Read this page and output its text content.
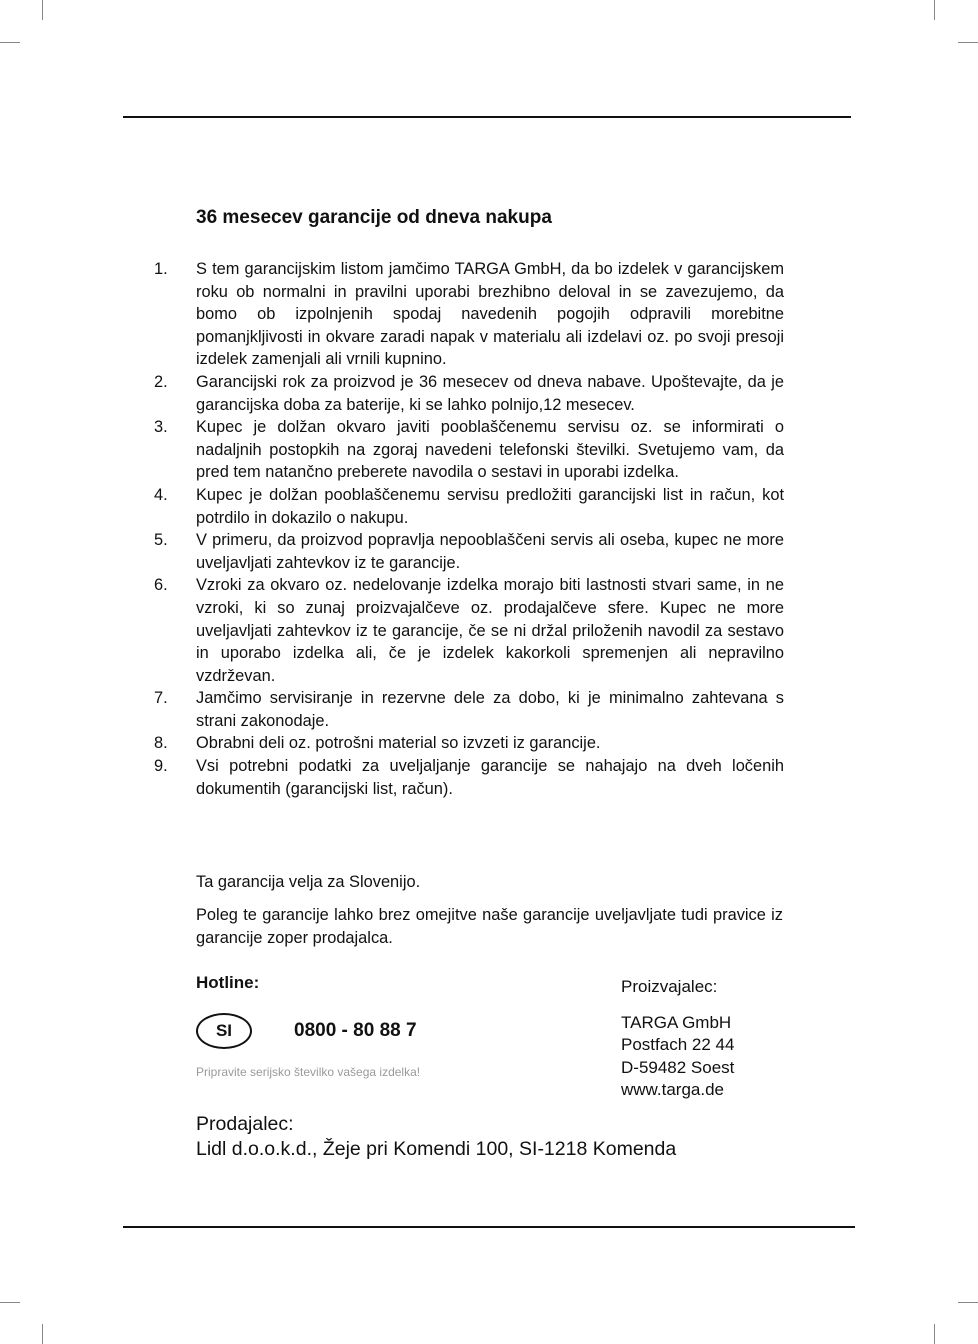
36 mesecev garancije od dneva nakupa
1. S tem garancijskim listom jamčimo TARGA GmbH, da bo izdelek v garancijskem roku ob normalni in pravilni uporabi brezhibno deloval in se zavezujemo, da bomo ob izpolnjenih spodaj navedenih pogojih odpravili morebitne pomanjkljivosti in okvare zaradi napak v materialu ali izdelavi oz. po svoji presoji izdelek zamenjali ali vrnili kupnino.
2. Garancijski rok za proizvod je 36 mesecev od dneva nabave. Upoštevajte, da je garancijska doba za baterije, ki se lahko polnijo,12 mesecev.
3. Kupec je dolžan okvaro javiti pooblaščenemu servisu oz. se informirati o nadaljnih postopkih na zgoraj navedeni telefonski številki. Svetujemo vam, da pred tem natančno preberete navodila o sestavi in uporabi izdelka.
4. Kupec je dolžan pooblaščenemu servisu predložiti garancijski list in račun, kot potrdilo in dokazilo o nakupu.
5. V primeru, da proizvod popravlja nepooblaščeni servis ali oseba, kupec ne more uveljavljati zahtevkov iz te garancije.
6. Vzroki za okvaro oz. nedelovanje izdelka morajo biti lastnosti stvari same, in ne vzroki, ki so zunaj proizvajalčeve oz. prodajalčeve sfere. Kupec ne more uveljavljati zahtevkov iz te garancije, če se ni držal priloženih navodil za sestavo in uporabo izdelka ali, če je izdelek kakorkoli spremenjen ali nepravilno vzdrževan.
7. Jamčimo servisiranje in rezervne dele za dobo, ki je minimalno zahtevana s strani zakonodaje.
8. Obrabni deli oz. potrošni material so izvzeti iz garancije.
9. Vsi potrebni podatki za uveljaljanje garancije se nahajajo na dveh ločenih dokumentih (garancijski list, račun).

Ta garancija velja za Slovenijo.

Poleg te garancije lahko brez omejitve naše garancije uveljavljate tudi pravice iz garancije zoper prodajalca.

Hotline:
SI	0800 - 80 88 7
Pripravite serijsko številko vašega izdelka!
Proizvajalec:
TARGA GmbH
Postfach 22 44
D-59482 Soest
www.targa.de
Prodajalec:
Lidl d.o.o.k.d., Žeje pri Komendi 100, SI-1218 Komenda
